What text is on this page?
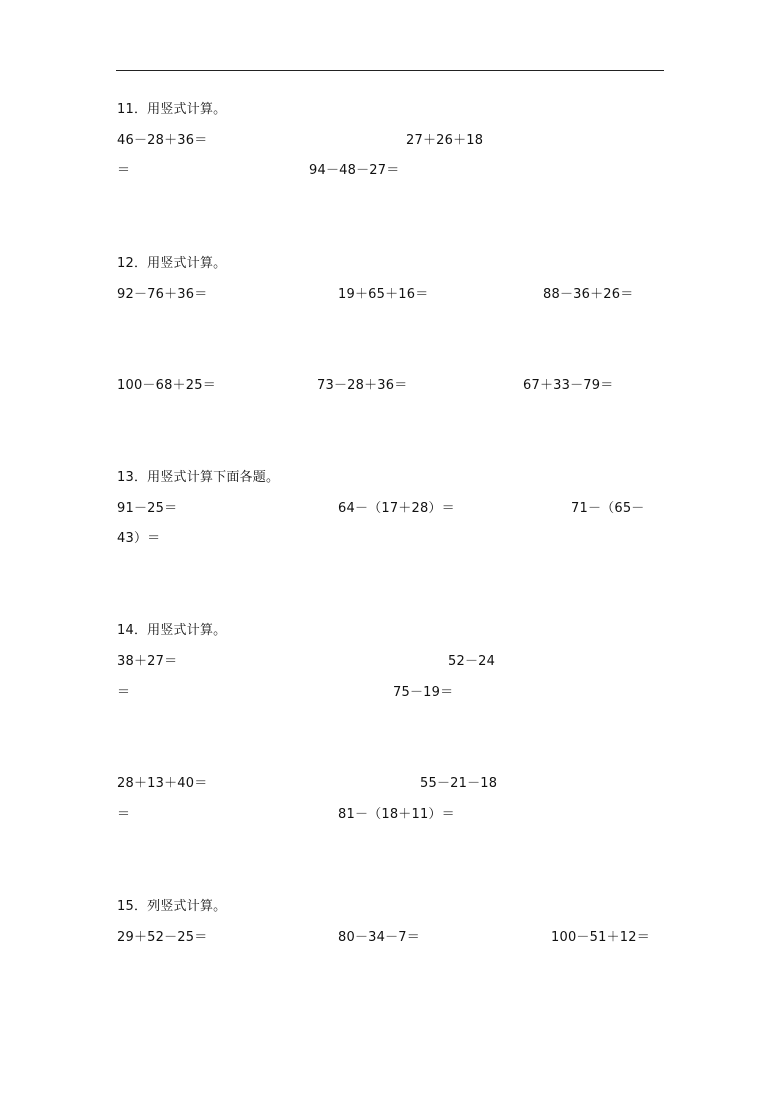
11．用竖式计算。
46－28＋36＝	27＋26＋18
＝	94－48－27＝
12．用竖式计算。
92－76＋36＝	19＋65＋16＝	88－36＋26＝
100－68＋25＝	73－28＋36＝	67＋33－79＝
13．用竖式计算下面各题。
91－25＝	64－（17＋28）＝	71－（65－
43）＝
14．用竖式计算。
38＋27＝	52－24
＝	75－19＝
28＋13＋40＝	55－21－18
＝	81－（18＋11）＝
15．列竖式计算。
29＋52－25＝	80－34－7＝	100－51＋12＝
